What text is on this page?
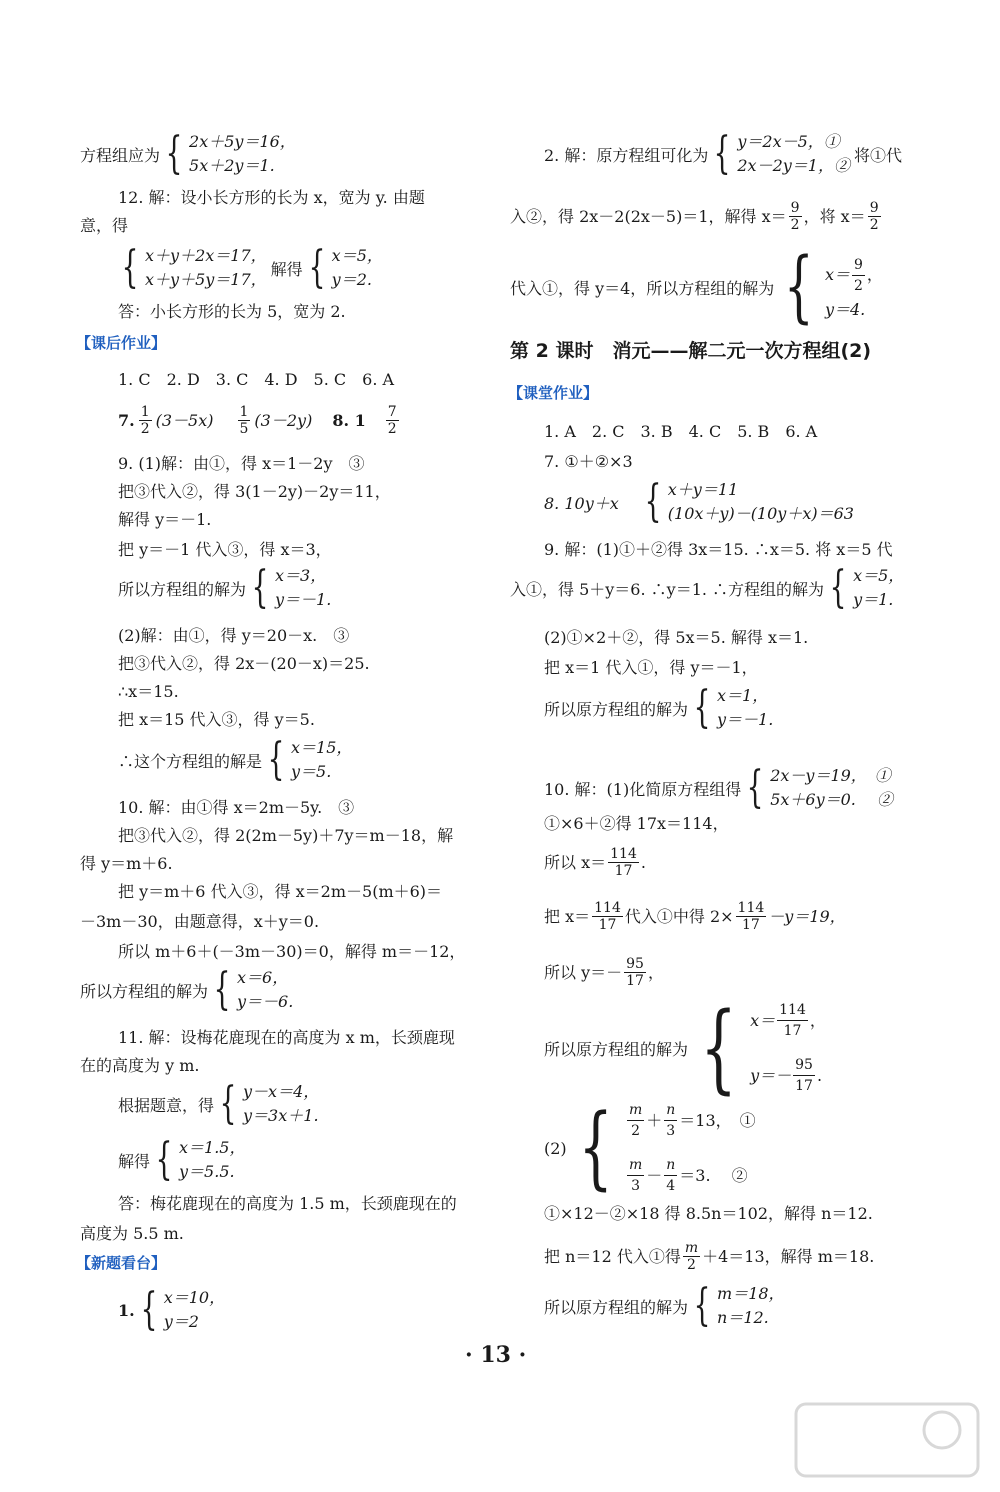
方程组应为 { 2x＋5y＝16，
5x＋2y＝1.
12. 解：设小长方形的长为 x，宽为 y. 由题
意，得
{ x＋y＋2x＝17，
x＋y＋5y＝17，
解得 { x＝5，
y＝2.
答：小长方形的长为 5，宽为 2.
【课后作业】
1. C　2. D　3. C　4. D　5. C　6. A
7. $\frac{1}{2} (3-5x) \frac{1}{5} (3-2y)$ 8. $1 \frac{7}{2}$
9. (1)解：由①，得 x＝1－2y　③
把③代入②，得 3(1－2y)－2y＝11，
解得 y＝－1.
把 y＝－1 代入③，得 x＝3，
所以方程组的解为 { x＝3，
y＝－1.
(2)解：由①，得 y＝20－x.　③
把③代入②，得 2x－(20－x)＝25.
∴x＝15.
把 x＝15 代入③，得 y＝5.
∴这个方程组的解是 { x＝15，
y＝5.
10. 解：由①得 x＝2m－5y.　③
把③代入②，得 2(2m－5y)＋7y＝m－18，解
得 y＝m＋6.
把 y＝m＋6 代入③，得 x＝2m－5(m＋6)＝
－3m－30，由题意得，x＋y＝0.
所以 m＋6＋(－3m－30)＝0，解得 m＝－12，
所以方程组的解为 { x＝6，
y＝－6.
11. 解：设梅花鹿现在的高度为 x m，长颈鹿现
在的高度为 y m.
根据题意，得 { y－x＝4，
y＝3x＋1.
解得 { x＝1.5，
y＝5.5.
答：梅花鹿现在的高度为 1.5 m，长颈鹿现在的
高度为 5.5 m.
【新题看台】
1. { x＝10，
y＝2
2. 解：原方程组可化为 { y＝2x－5，①
2x－2y＝1，②
将①代
入②，得 2x－2(2x－5)＝1，解得 $x= \frac{9}{2}$ ，将 $x= \frac{9}{2}$
代入①，得 y＝4，所以方程组的解为 { $x= \frac{9}{2}$ ，
y＝4.
第 2 课时　消元——解二元一次方程组(2)
【课堂作业】
1. A　2. C　3. B　4. C　5. B　6. A
7. ①＋②×3
8. 10y＋x { x＋y＝11
(10x＋y)－(10y＋x)＝63
9. 解：(1)①＋②得 3x＝15. ∴x＝5. 将 x＝5 代
入①，得 5＋y＝6. ∴y＝1. ∴方程组的解为 { x＝5，
y＝1.
(2)①×2＋②，得 5x＝5. 解得 x＝1.
把 x＝1 代入①，得 y＝－1，
所以原方程组的解为 { x＝1，
y＝－1.
10. 解：(1)化简原方程组得 { 2x－y＝19，　①
5x＋6y＝0.　 ②
①×6＋②得 17x＝114，
所以 $x= \frac{114}{17}$ .
把 $x= \frac{114}{17}$ 代入①中得 $2\times \frac{114}{17} -y=19$，
所以 $y=- \frac{95}{17}$ ，
所以原方程组的解为 { $x= \frac{114}{17}$ ，
$y=- \frac{95}{17}$ .
(2) { $\frac{m}{2} + \frac{n}{3} =13$，　①
$\frac{m}{3} - \frac{n}{4} =3$.　 ②
①×12－②×18 得 8.5n＝102，解得 n＝12.
把 n＝12 代入①得 $\frac{m}{2} +4=13$，解得 m＝18.
所以原方程组的解为 { m＝18，
n＝12.
· 13 ·
